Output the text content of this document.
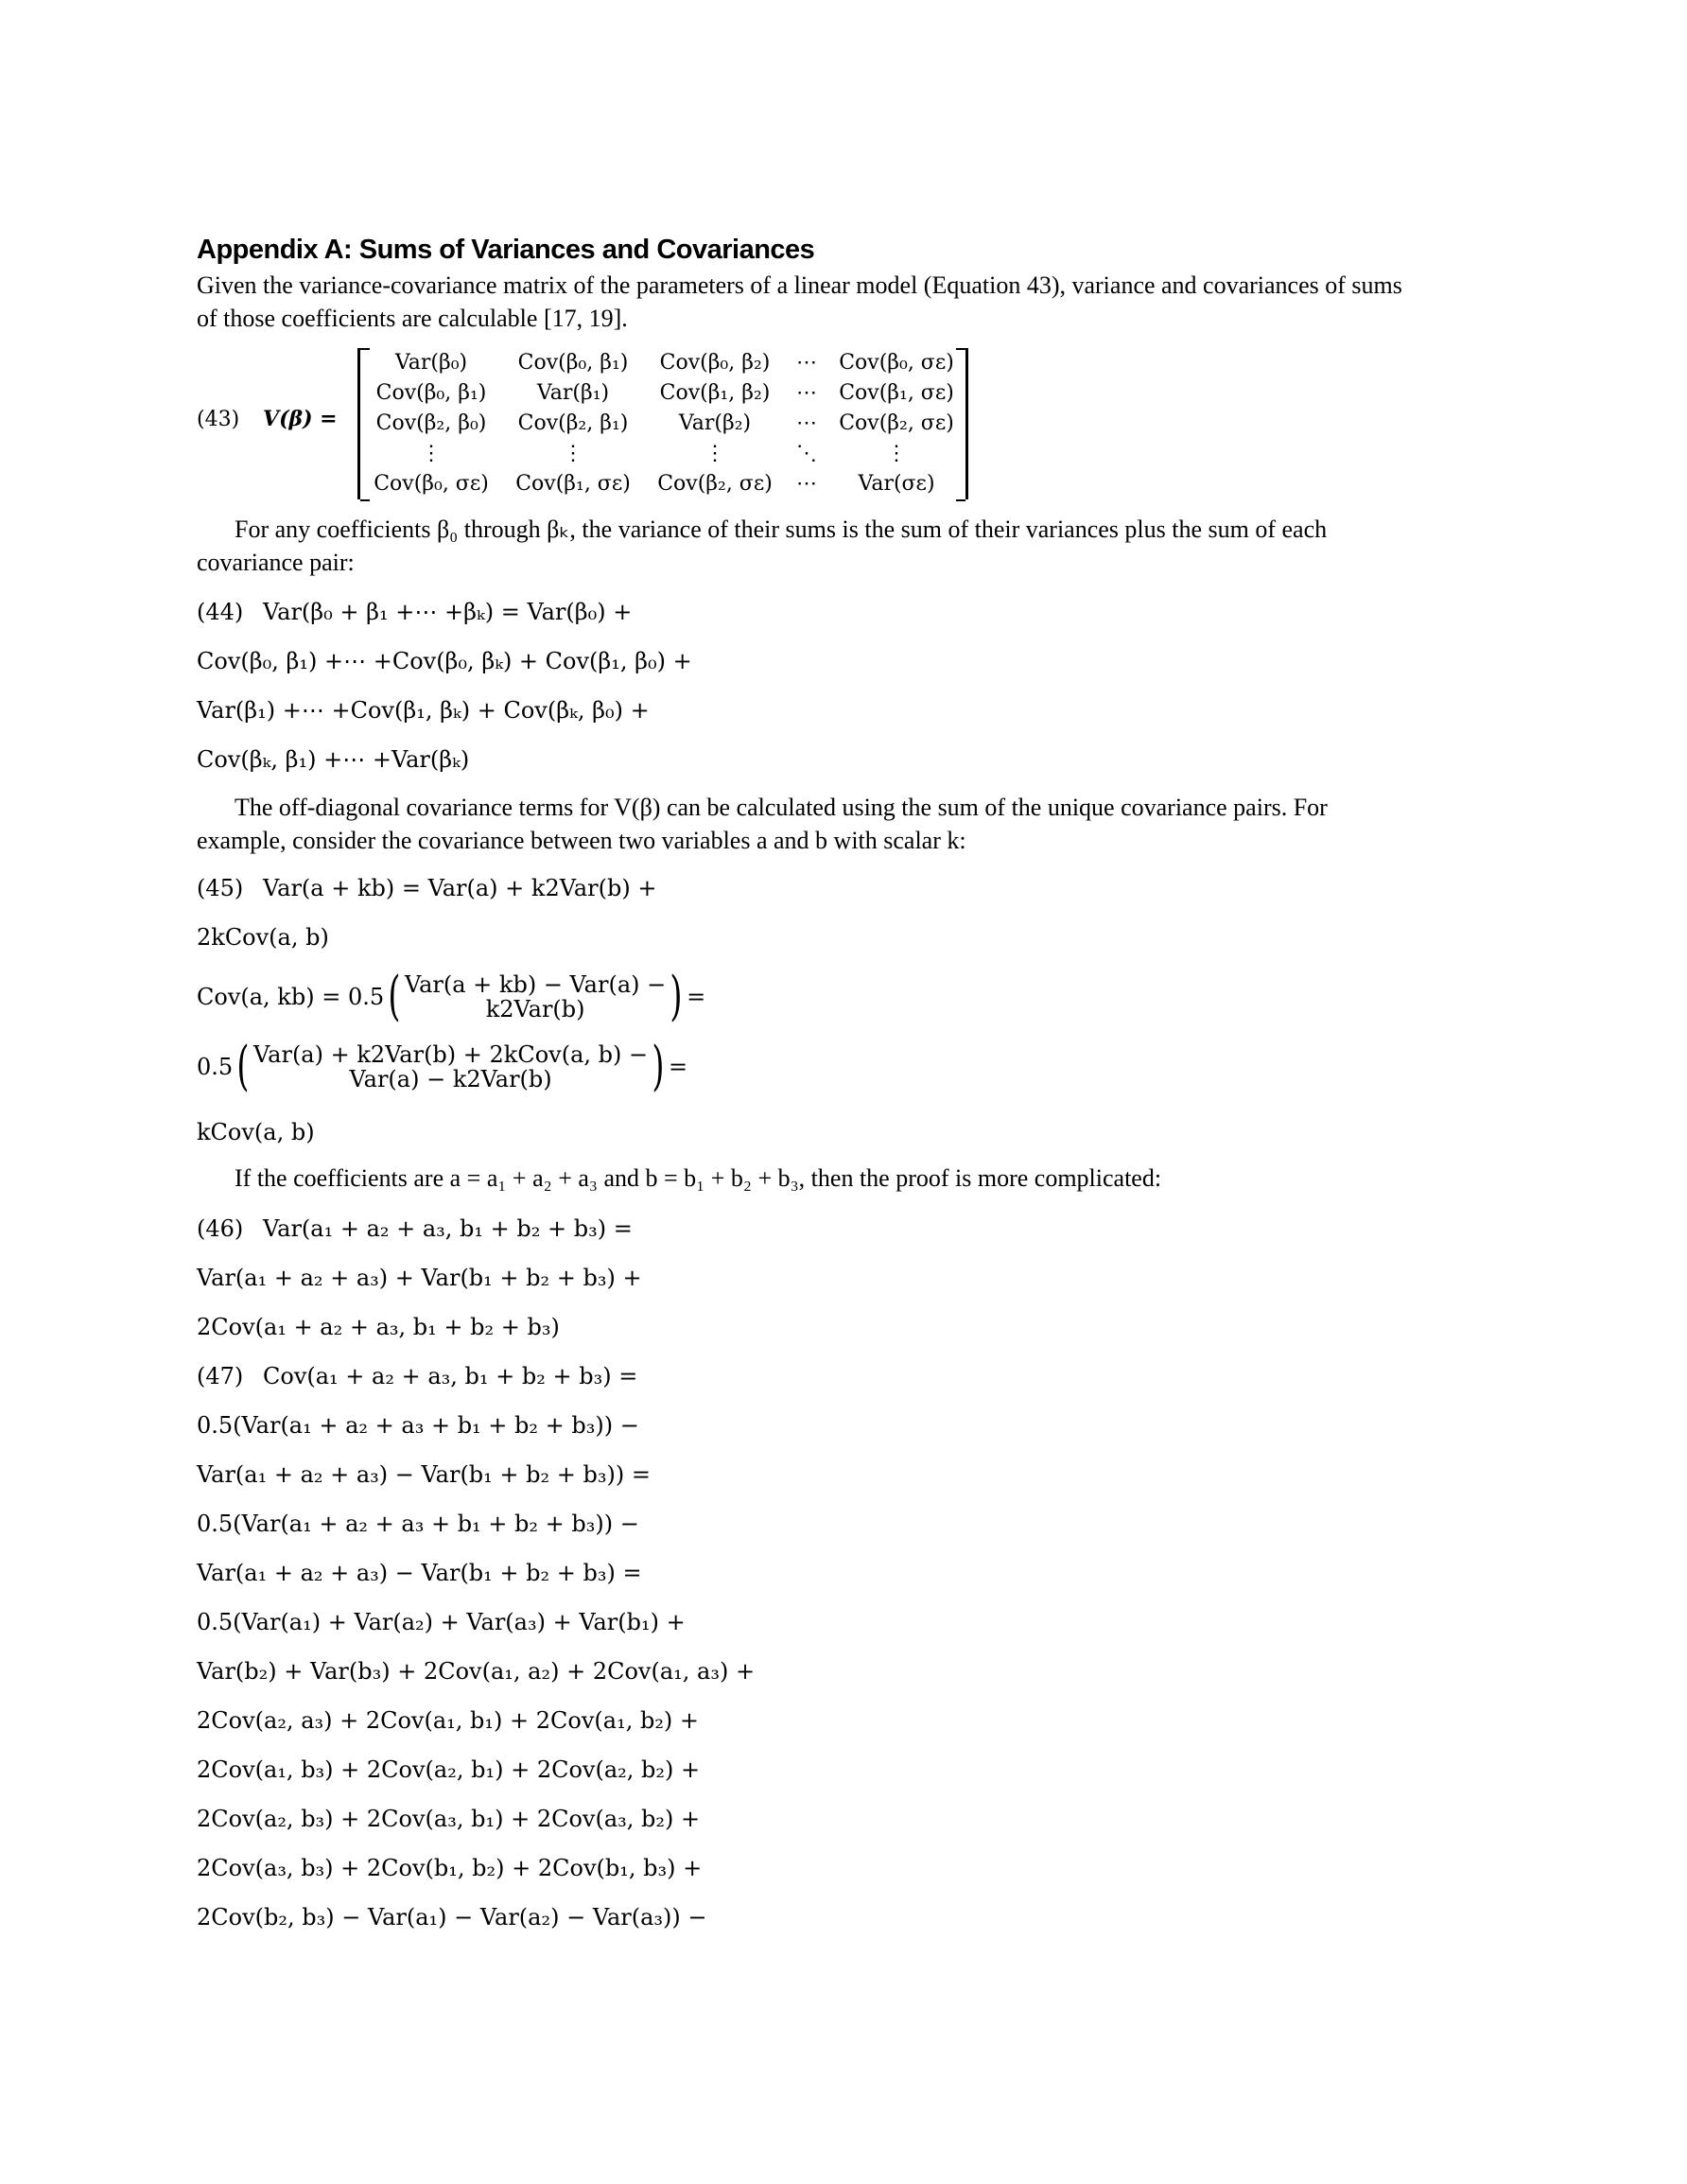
Appendix A: Sums of Variances and Covariances
Given the variance-covariance matrix of the parameters of a linear model (Equation 43), variance and covariances of sums
of those coefficients are calculable [17, 19].
(43) V(β) =
Var(β₀)	Cov(β₀, β₁)	Cov(β₀, β₂)	⋯	Cov(β₀, σε)
Cov(β₀, β₁)	Var(β₁)	Cov(β₁, β₂)	⋯	Cov(β₁, σε)
Cov(β₂, β₀)	Cov(β₂, β₁)	Var(β₂)	⋯	Cov(β₂, σε)
⋮	⋮	⋮	⋱	⋮
Cov(β₀, σε)	Cov(β₁, σε)	Cov(β₂, σε)	⋯	Var(σε)
For any coefficients β₀ through βₖ, the variance of their sums is the sum of their variances plus the sum of each
covariance pair:
(44) Var(β₀ + β₁ +⋯ +βₖ) = Var(β₀) +
Cov(β₀, β₁) +⋯ +Cov(β₀, βₖ) + Cov(β₁, β₀) +
Var(β₁) +⋯ +Cov(β₁, βₖ) + Cov(βₖ, β₀) +
Cov(βₖ, β₁) +⋯ +Var(βₖ)
The off-diagonal covariance terms for V(β) can be calculated using the sum of the unique covariance pairs. For
example, consider the covariance between two variables a and b with scalar k:
(45) Var(a + kb) = Var(a) + k2Var(b) +
2kCov(a, b)
Cov(a, kb) = 0.5 ( Var(a + kb) − Var(a) −
k2Var(b) ) =
0.5 ( Var(a) + k2Var(b) + 2kCov(a, b) −
Var(a) − k2Var(b) ) =
kCov(a, b)
If the coefficients are a = a₁ + a₂ + a₃ and b = b₁ + b₂ + b₃, then the proof is more complicated:
(46) Var(a₁ + a₂ + a₃, b₁ + b₂ + b₃) =
Var(a₁ + a₂ + a₃) + Var(b₁ + b₂ + b₃) +
2Cov(a₁ + a₂ + a₃, b₁ + b₂ + b₃)
(47) Cov(a₁ + a₂ + a₃, b₁ + b₂ + b₃) =
0.5(Var(a₁ + a₂ + a₃ + b₁ + b₂ + b₃)) −
Var(a₁ + a₂ + a₃) − Var(b₁ + b₂ + b₃)) =
0.5(Var(a₁ + a₂ + a₃ + b₁ + b₂ + b₃)) −
Var(a₁ + a₂ + a₃) − Var(b₁ + b₂ + b₃) =
0.5(Var(a₁) + Var(a₂) + Var(a₃) + Var(b₁) +
Var(b₂) + Var(b₃) + 2Cov(a₁, a₂) + 2Cov(a₁, a₃) +
2Cov(a₂, a₃) + 2Cov(a₁, b₁) + 2Cov(a₁, b₂) +
2Cov(a₁, b₃) + 2Cov(a₂, b₁) + 2Cov(a₂, b₂) +
2Cov(a₂, b₃) + 2Cov(a₃, b₁) + 2Cov(a₃, b₂) +
2Cov(a₃, b₃) + 2Cov(b₁, b₂) + 2Cov(b₁, b₃) +
2Cov(b₂, b₃) − Var(a₁) − Var(a₂) − Var(a₃)) −
